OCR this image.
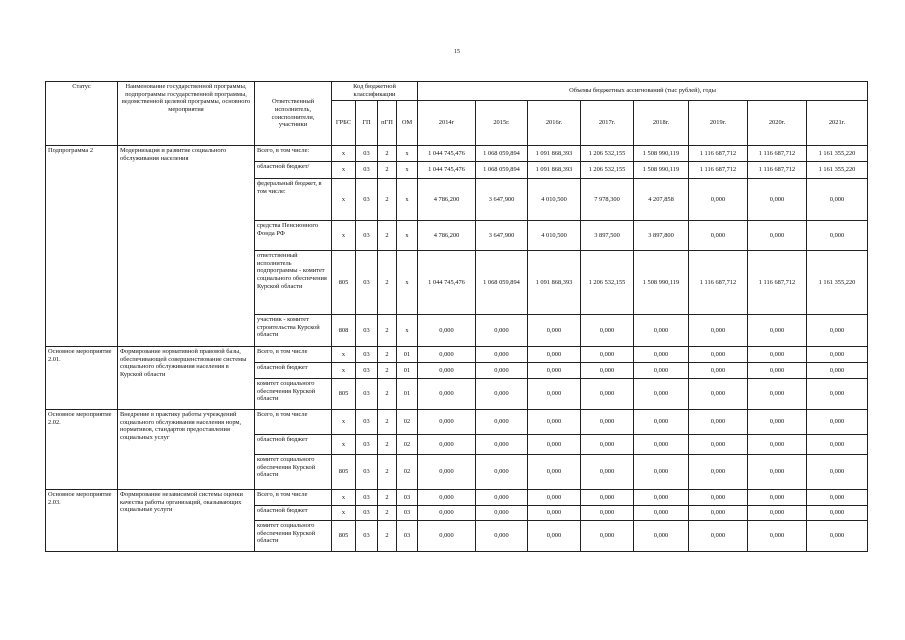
15
Статус	Наименование государственной программы, подпрограммы государственной программы, ведомственной целевой программы, основного мероприятия	Ответственный исполнитель, соисполнители, участники	Код бюджетной классификации				Объемы бюджетных ассигнований (тыс рублей), годы							
			ГРБС	ГП	пГП	ОМ	2014г	2015г.	2016г.	2017г.	2018г.	2019г.	2020г.	2021г.
Подпрограмма 2	Модернизация и развитие социального обслуживания населения	Всего, в том числе:	x	03	2	x	1 044 745,476	1 068 059,894	1 091 868,393	1 206 532,155	1 508 990,119	1 116 687,712	1 116 687,712	1 161 355,220
		областной бюджет/	x	03	2	x	1 044 745,476	1 068 059,894	1 091 868,393	1 206 532,155	1 508 990,119	1 116 687,712	1 116 687,712	1 161 355,220
		федеральный бюджет, в том числе:	x	03	2	x	4 786,200	3 647,900	4 010,500	7 978,300	4 207,858	0,000	0,000	0,000
		средства Пенсионного Фонда РФ	x	03	2	x	4 786,200	3 647,900	4 010,500	3 897,500	3 897,800	0,000	0,000	0,000
		ответственный исполнитель подпрограммы - комитет социального обеспечения Курской области	805	03	2	x	1 044 745,476	1 068 059,894	1 091 868,393	1 206 532,155	1 508 990,119	1 116 687,712	1 116 687,712	1 161 355,220
		участник - комитет строительства Курской области	808	03	2	x	0,000	0,000	0,000	0,000	0,000	0,000	0,000	0,000
Основное мероприятие 2.01.	Формирование нормативной правовой базы, обеспечивающей совершенствование системы социального обслуживания населения в Курской области	Всего, в том числе	x	03	2	01	0,000	0,000	0,000	0,000	0,000	0,000	0,000	0,000
		областной бюджет	x	03	2	01	0,000	0,000	0,000	0,000	0,000	0,000	0,000	0,000
		комитет социального обеспечения Курской области	805	03	2	01	0,000	0,000	0,000	0,000	0,000	0,000	0,000	0,000
Основное мероприятие 2.02.	Внедрение в практику работы учреждений социального обслуживания населения норм, нормативов, стандартов предоставления социальных услуг	Всего, в том числе	x	03	2	02	0,000	0,000	0,000	0,000	0,000	0,000	0,000	0,000
		областной бюджет	x	03	2	02	0,000	0,000	0,000	0,000	0,000	0,000	0,000	0,000
		комитет социального обеспечения Курской области	805	03	2	02	0,000	0,000	0,000	0,000	0,000	0,000	0,000	0,000
Основное мероприятие 2.03.	Формирование независимой системы оценки качества работы организаций, оказывающих социальные услуги	Всего, в том числе	x	03	2	03	0,000	0,000	0,000	0,000	0,000	0,000	0,000	0,000
		областной бюджет	x	03	2	03	0,000	0,000	0,000	0,000	0,000	0,000	0,000	0,000
		комитет социального обеспечения Курской области	805	03	2	03	0,000	0,000	0,000	0,000	0,000	0,000	0,000	0,000
